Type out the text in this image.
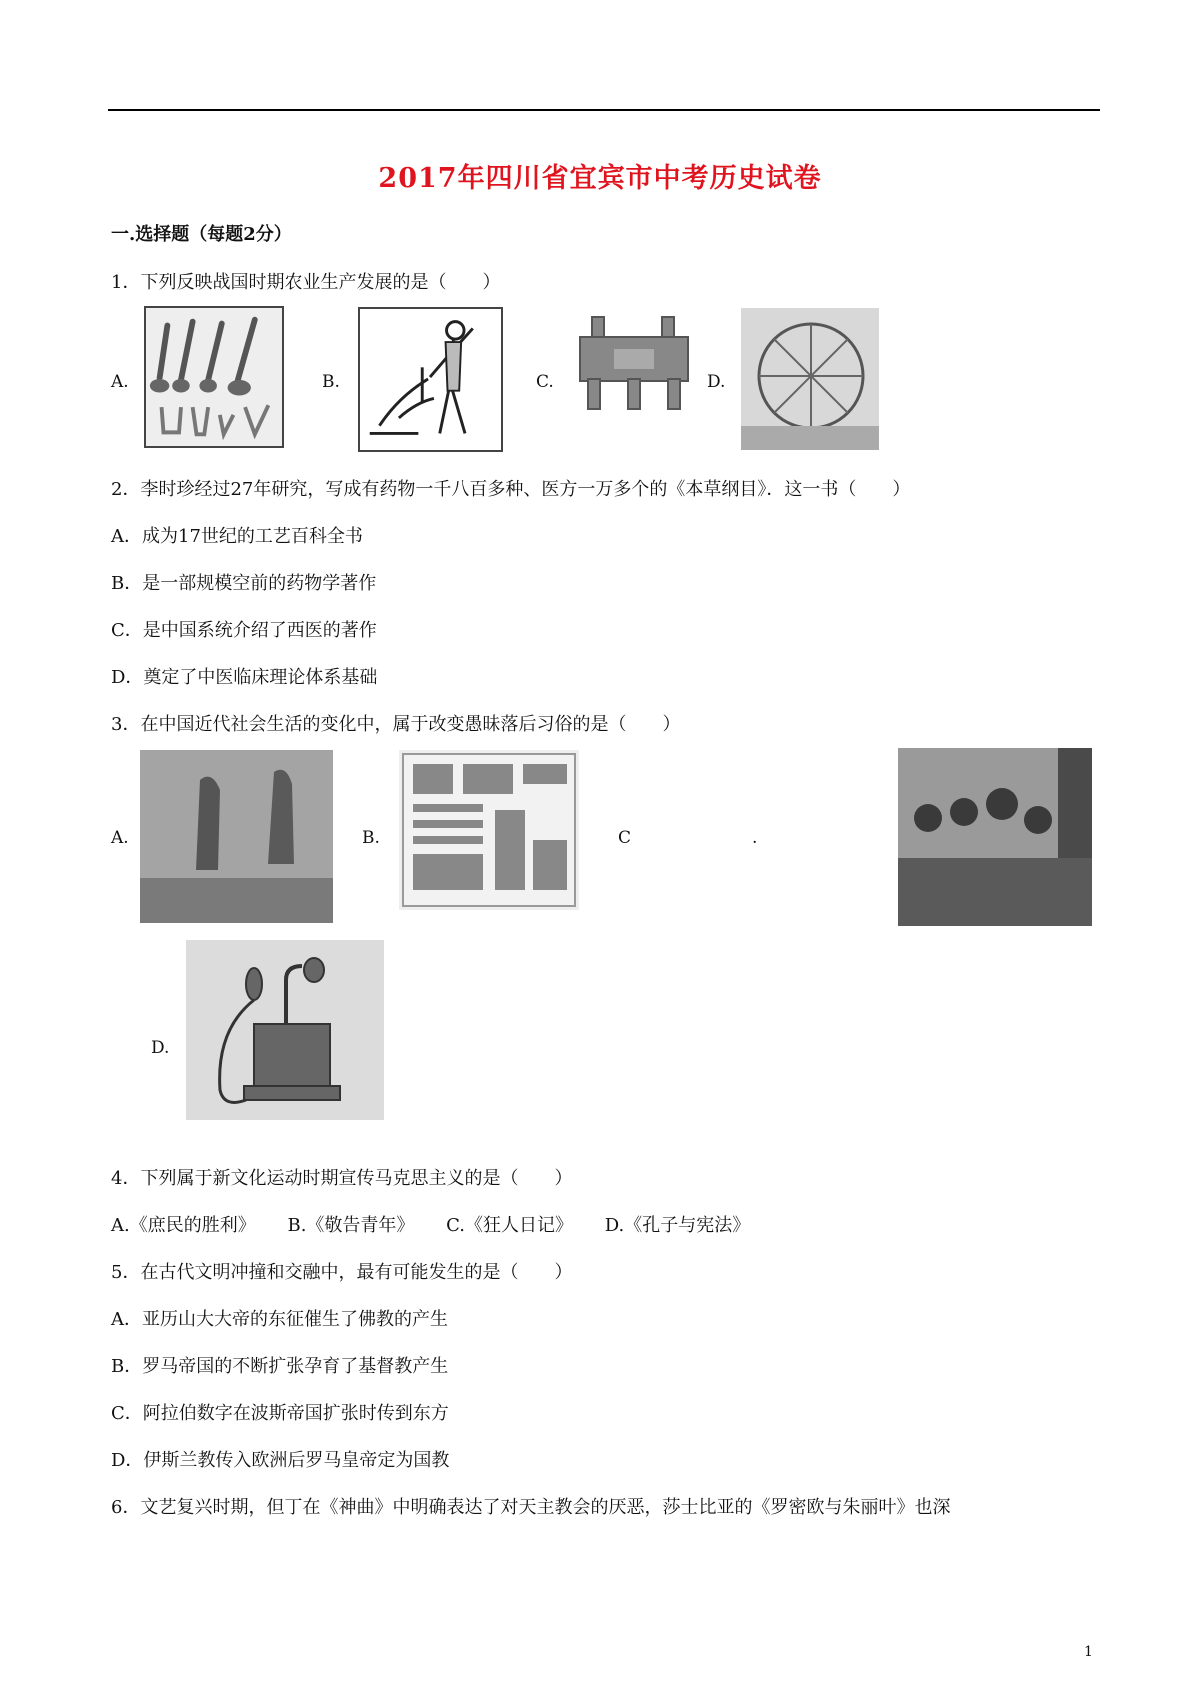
2017年四川省宜宾市中考历史试卷
一.选择题（每题2分）
1．下列反映战国时期农业生产发展的是（　　）
A.	B.	C.	D.
2．李时珍经过27年研究，写成有药物一千八百多种、医方一万多个的《本草纲目》．这一书（　　）
A．成为17世纪的工艺百科全书
B．是一部规模空前的药物学著作
C．是中国系统介绍了西医的著作
D．奠定了中医临床理论体系基础
3．在中国近代社会生活的变化中，属于改变愚昧落后习俗的是（　　）
A.	B.	C	.
D.
4．下列属于新文化运动时期宣传马克思主义的是（　　）
A.《庶民的胜利》 B.《敬告青年》 C.《狂人日记》 D.《孔子与宪法》
5．在古代文明冲撞和交融中，最有可能发生的是（　　）
A．亚历山大大帝的东征催生了佛教的产生
B．罗马帝国的不断扩张孕育了基督教产生
C．阿拉伯数字在波斯帝国扩张时传到东方
D．伊斯兰教传入欧洲后罗马皇帝定为国教
6．文艺复兴时期，但丁在《神曲》中明确表达了对天主教会的厌恶，莎士比亚的《罗密欧与朱丽叶》也深
1
